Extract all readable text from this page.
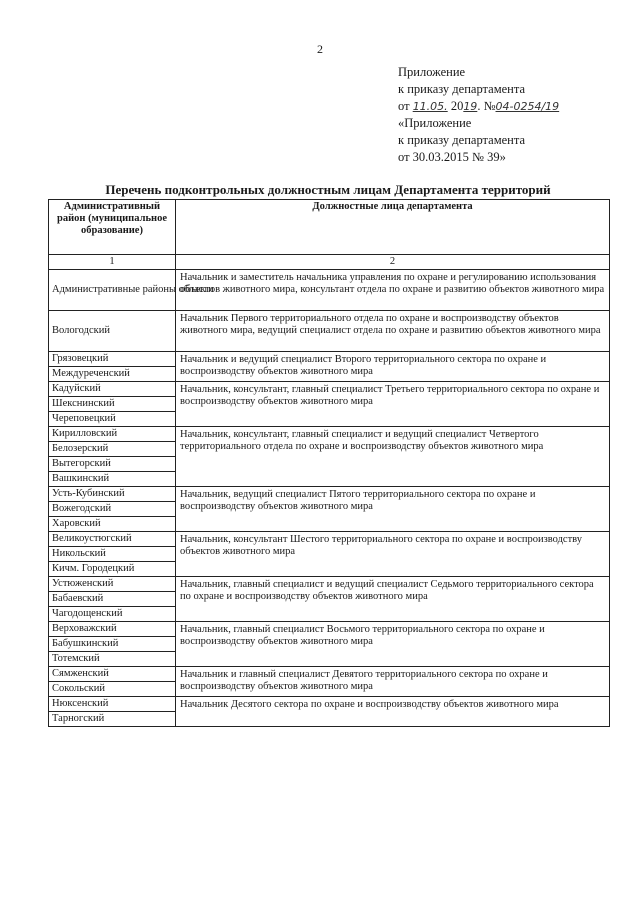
2
Приложение
к приказу департамента
от 11.05. 2019. №04-0254/19
«Приложение
к приказу департамента
от 30.03.2015 № 39»
Перечень подконтрольных должностным лицам Департамента территорий
Административный район (муниципальное образование)	Должностные лица департамента
1	2
Административные районы области	Начальник и заместитель начальника управления по охране и регулированию использования объектов животного мира, консультант отдела по охране и развитию объектов животного мира
Вологодский	Начальник Первого территориального отдела по охране и воспроизводству объектов животного мира, ведущий специалист отдела по охране и развитию объектов животного мира
Грязовецкий	Начальник и ведущий специалист Второго территориального сектора по охране и воспроизводству объектов животного мира
Междуреченский	
Кадуйский	Начальник, консультант, главный специалист Третьего территориального сектора по охране и воспроизводству объектов животного мира
Шекснинский	
Череповецкий	
Кирилловский	Начальник, консультант, главный специалист и ведущий специалист Четвертого территориального отдела по охране и воспроизводству объектов животного мира
Белозерский	
Вытегорский	
Вашкинский	
Усть-Кубинский	Начальник, ведущий специалист Пятого территориального сектора по охране и воспроизводству объектов животного мира
Вожегодский	
Харовский	
Великоустюгский	Начальник, консультант Шестого территориального сектора по охране и воспроизводству объектов животного мира
Никольский	
Кичм. Городецкий	
Устюженский	Начальник, главный специалист и ведущий специалист Седьмого территориального сектора по охране и воспроизводству объектов животного мира
Бабаевский	
Чагодощенский	
Верховажский	Начальник, главный специалист Восьмого территориального сектора по охране и воспроизводству объектов животного мира
Бабушкинский	
Тотемский	
Сямженский	Начальник и главный специалист Девятого территориального сектора по охране и воспроизводству объектов животного мира
Сокольский	
Нюксенский	Начальник Десятого сектора по охране и воспроизводству объектов животного мира
Тарногский	
